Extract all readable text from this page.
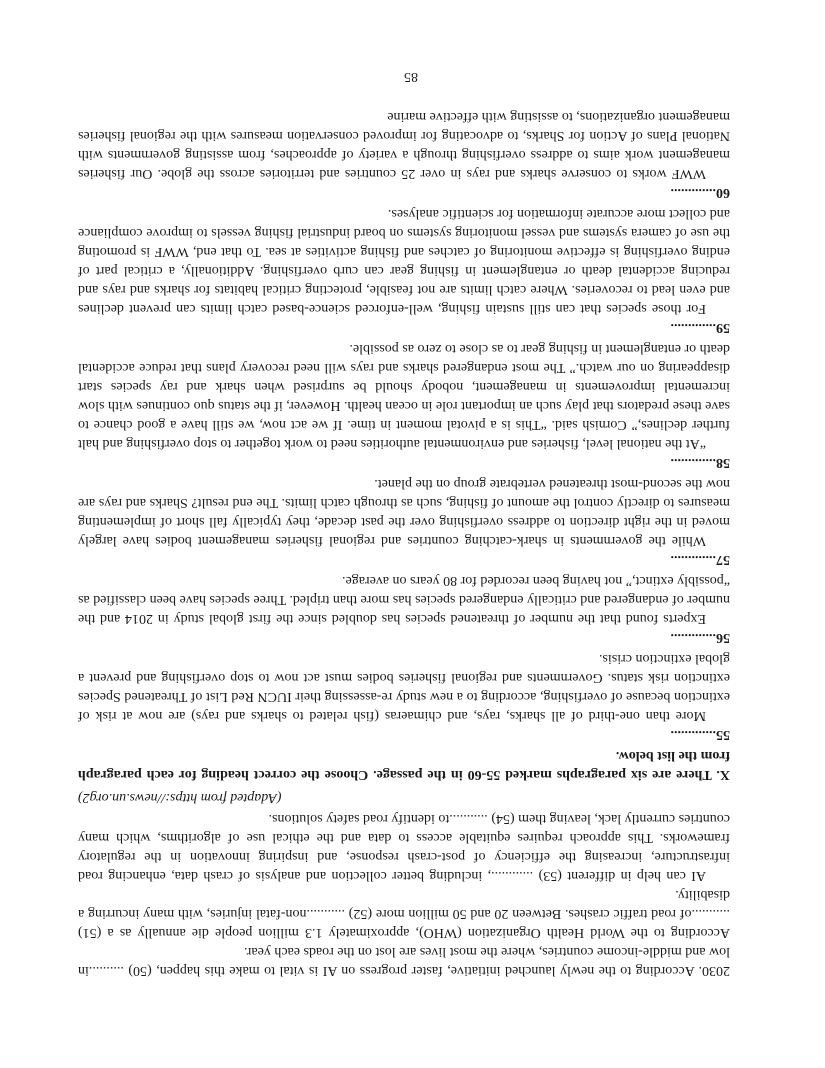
2030. According to the newly launched initiative, faster progress on AI is vital to make this happen, (50) ..........in low and middle-income countries, where the most lives are lost on the roads each year.

According to the World Health Organization (WHO), approximately 1.3 million people die annually as a (51) ...........of road traffic crashes. Between 20 and 50 million more (52) ...........non-fatal injuries, with many incurring a disability.

AI can help in different (53) ............, including better collection and analysis of crash data, enhancing road infrastructure, increasing the efficiency of post-crash response, and inspiring innovation in the regulatory frameworks. This approach requires equitable access to data and the ethical use of algorithms, which many countries currently lack, leaving them (54) ...........to identify road safety solutions.

(Adapted from https://news.un.org2)

X. There are six paragraphs marked 55-60 in the passage. Choose the correct heading for each paragraph from the list below.

55.............

More than one-third of all sharks, rays, and chimaeras (fish related to sharks and rays) are now at risk of extinction because of overfishing, according to a new study re-assessing their IUCN Red List of Threatened Species extinction risk status. Governments and regional fisheries bodies must act now to stop overfishing and prevent a global extinction crisis.

56.............

Experts found that the number of threatened species has doubled since the first global study in 2014 and the number of endangered and critically endangered species has more than tripled. Three species have been classified as “possibly extinct,” not having been recorded for 80 years on average.

57.............

While the governments in shark-catching countries and regional fisheries management bodies have largely moved in the right direction to address overfishing over the past decade, they typically fall short of implementing measures to directly control the amount of fishing, such as through catch limits. The end result? Sharks and rays are now the second-most threatened vertebrate group on the planet.

58.............

“At the national level, fisheries and environmental authorities need to work together to stop overfishing and halt further declines,” Cornish said. “This is a pivotal moment in time. If we act now, we still have a good chance to save these predators that play such an important role in ocean health. However, if the status quo continues with slow incremental improvements in management, nobody should be surprised when shark and ray species start disappearing on our watch.” The most endangered sharks and rays will need recovery plans that reduce accidental death or entanglement in fishing gear to as close to zero as possible.

59.............

For those species that can still sustain fishing, well-enforced science-based catch limits can prevent declines and even lead to recoveries. Where catch limits are not feasible, protecting critical habitats for sharks and rays and reducing accidental death or entanglement in fishing gear can curb overfishing. Additionally, a critical part of ending overfishing is effective monitoring of catches and fishing activities at sea. To that end, WWF is promoting the use of camera systems and vessel monitoring systems on board industrial fishing vessels to improve compliance and collect more accurate information for scientific analyses.

60.............

WWF works to conserve sharks and rays in over 25 countries and territories across the globe. Our fisheries management work aims to address overfishing through a variety of approaches, from assisting governments with National Plans of Action for Sharks, to advocating for improved conservation measures with the regional fisheries management organizations, to assisting with effective marine

85
